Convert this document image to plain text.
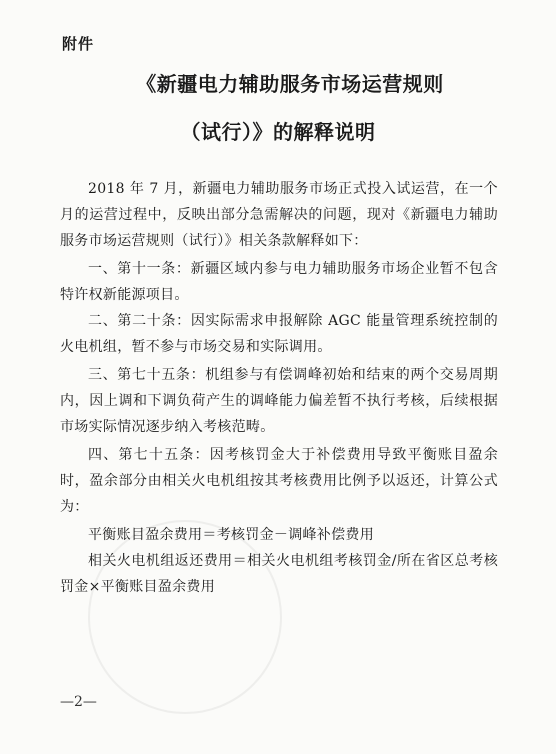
附件
《新疆电力辅助服务市场运营规则
（试行）》的解释说明

2018 年 7 月，新疆电力辅助服务市场正式投入试运营，在一个月的运营过程中，反映出部分急需解决的问题，现对《新疆电力辅助服务市场运营规则（试行）》相关条款解释如下：

一、第十一条：新疆区域内参与电力辅助服务市场企业暂不包含特许权新能源项目。

二、第二十条：因实际需求申报解除 AGC 能量管理系统控制的火电机组，暂不参与市场交易和实际调用。

三、第七十五条：机组参与有偿调峰初始和结束的两个交易周期内，因上调和下调负荷产生的调峰能力偏差暂不执行考核，后续根据市场实际情况逐步纳入考核范畴。

四、第七十五条：因考核罚金大于补偿费用导致平衡账目盈余时，盈余部分由相关火电机组按其考核费用比例予以返还，计算公式为：

平衡账目盈余费用＝考核罚金－调峰补偿费用

相关火电机组返还费用＝相关火电机组考核罚金/所在省区总考核罚金×平衡账目盈余费用

—2—
